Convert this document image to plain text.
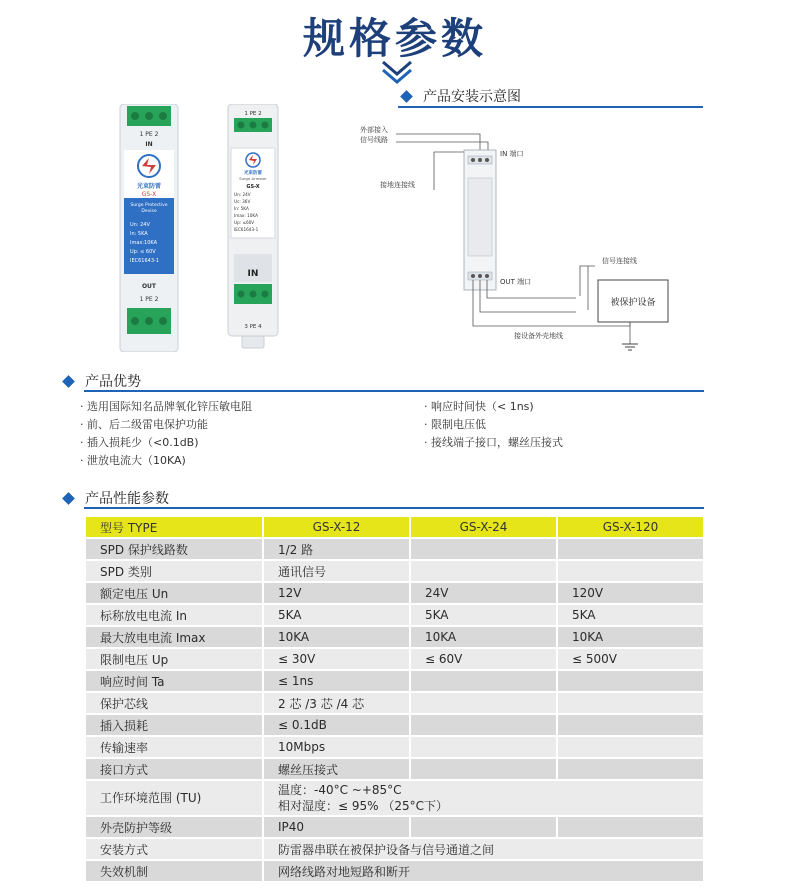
规格参数
产品安装示意图
1 PE 2
IN
光束防雷
GS-X
Surge Protective
Devise
Un: 24V
In: 5KA
Imax:10KA
Up: ≤ 60V
IEC61643-1
OUT
1 PE 2
1 PE 2
光束防雷
Surge Arrester
GS-X
Un: 24V
Uc: 36V
In: 5KA
Imax: 10KA
Up: ≤60V
IEC61643-1
IN
3 PE 4
外部接入
信号线路
IN 端口
接地连接线
信号连接线
OUT 端口
接设备外壳地线
被保护设备
产品优势
· 选用国际知名品牌氧化锌压敏电阻
· 前、后二级雷电保护功能
· 插入损耗少（<0.1dB)
· 泄放电流大（10KA)
· 响应时间快（< 1ns)
· 限制电压低
· 接线端子接口，螺丝压接式
产品性能参数
型号 TYPE	GS-X-12	GS-X-24	GS-X-120
SPD 保护线路数	1/2 路		
SPD 类别	通讯信号		
额定电压 Un	12V	24V	120V
标称放电电流 In	5KA	5KA	5KA
最大放电电流 Imax	10KA	10KA	10KA
限制电压 Up	≤ 30V	≤ 60V	≤ 500V
响应时间 Ta	≤ 1ns		
保护芯线	2 芯 /3 芯 /4 芯		
插入损耗	≤ 0.1dB		
传输速率	10Mbps		
接口方式	螺丝压接式		
工作环境范围 (TU)	温度：-40°C ~+85°C
相对湿度：≤ 95% （25°C下）		

外壳防护等级	IP40		
安装方式	防雷器串联在被保护设备与信号通道之间		
失效机制	网络线路对地短路和断开		
